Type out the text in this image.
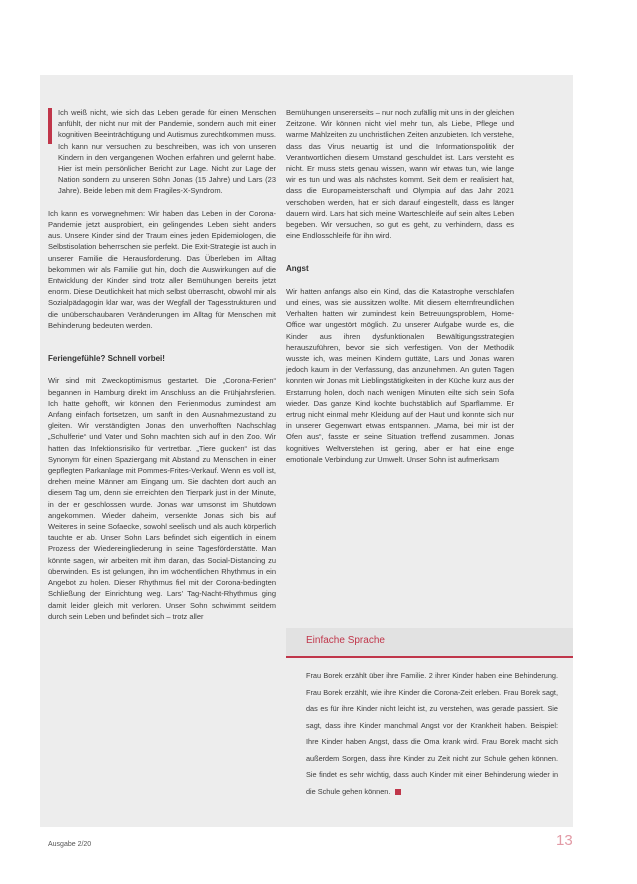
Ich weiß nicht, wie sich das Leben gerade für einen Menschen anfühlt, der nicht nur mit der Pandemie, sondern auch mit einer kognitiven Beeinträchtigung und Autismus zurechtkommen muss. Ich kann nur versuchen zu beschreiben, was ich von unseren Kindern in den vergangenen Wochen erfahren und gelernt habe. Hier ist mein persönlicher Bericht zur Lage. Nicht zur Lage der Nation sondern zu unseren Söhn Jonas (15 Jahre) und Lars (23 Jahre). Beide leben mit dem Fragiles-X-Syndrom.

Ich kann es vorwegnehmen: Wir haben das Leben in der Corona-Pandemie jetzt ausprobiert, ein gelingendes Leben sieht anders aus. Unsere Kinder sind der Traum eines jeden Epidemiologen, die Selbstisolation beherrschen sie perfekt. Die Exit-Strategie ist auch in unserer Familie die Herausforderung. Das Überleben im Alltag bekommen wir als Familie gut hin, doch die Auswirkungen auf die Entwicklung der Kinder sind trotz aller Bemühungen bereits jetzt enorm. Diese Deutlichkeit hat mich selbst überrascht, obwohl mir als Sozialpädagogin klar war, was der Wegfall der Tagesstrukturen und die unüberschaubaren Veränderungen im Alltag für Menschen mit Behinderung bedeuten werden.

Feriengefühle? Schnell vorbei!

Wir sind mit Zweckoptimismus gestartet. Die „Corona-Ferien“ begannen in Hamburg direkt im Anschluss an die Frühjahrsferien. Ich hatte gehofft, wir können den Ferienmodus zumindest am Anfang einfach fortsetzen, um sanft in den Ausnahmezustand zu gleiten. Wir verständigten Jonas den unverhofften Nachschlag „Schulferie“ und Vater und Sohn machten sich auf in den Zoo. Wir hatten das Infektionsrisiko für vertretbar. „Tiere gucken“ ist das Synonym für einen Spaziergang mit Abstand zu Menschen in einer gepflegten Parkanlage mit Pommes-Frites-Verkauf. Wenn es voll ist, drehen meine Männer am Eingang um. Sie dachten dort auch an diesem Tag um, denn sie erreichten den Tierpark just in der Minute, in der er geschlossen wurde. Jonas war umsonst im Shutdown angekommen. Wieder daheim, versenkte Jonas sich bis auf Weiteres in seine Sofaecke, sowohl seelisch und als auch körperlich tauchte er ab. Unser Sohn Lars befindet sich eigentlich in einem Prozess der Wiedereingliederung in seine Tagesförderstätte. Man könnte sagen, wir arbeiten mit ihm daran, das Social-Distancing zu überwinden. Es ist gelungen, ihn im wöchentlichen Rhythmus in ein Angebot zu holen. Dieser Rhythmus fiel mit der Corona-bedingten Schließung der Einrichtung weg. Lars’ Tag-Nacht-Rhythmus ging damit leider gleich mit verloren. Unser Sohn schwimmt seitdem durch sein Leben und befindet sich – trotz aller

Bemühungen unsererseits – nur noch zufällig mit uns in der gleichen Zeitzone. Wir können nicht viel mehr tun, als Liebe, Pflege und warme Mahlzeiten zu unchristlichen Zeiten anzubieten. Ich verstehe, dass das Virus neuartig ist und die Informationspolitik der Verantwortlichen diesem Umstand geschuldet ist. Lars versteht es nicht. Er muss stets genau wissen, wann wir etwas tun, wie lange wir es tun und was als nächstes kommt. Seit dem er realisiert hat, dass die Europameisterschaft und Olympia auf das Jahr 2021 verschoben werden, hat er sich darauf eingestellt, dass es länger dauern wird. Lars hat sich meine Warteschleife auf sein altes Leben begeben. Wir versuchen, so gut es geht, zu verhindern, dass es eine Endlosschleife für ihn wird.

Angst

Wir hatten anfangs also ein Kind, das die Katastrophe verschlafen und eines, was sie aussitzen wollte. Mit diesem elternfreundlichen Verhalten hatten wir zumindest kein Betreuungsproblem, Home-Office war ungestört möglich. Zu unserer Aufgabe wurde es, die Kinder aus ihren dysfunktionalen Bewältigungsstrategien herauszuführen, bevor sie sich verfestigen. Von der Methodik wusste ich, was meinen Kindern guttäte, Lars und Jonas waren jedoch kaum in der Verfassung, das anzunehmen. An guten Tagen konnten wir Jonas mit Lieblingstätigkeiten in der Küche kurz aus der Erstarrung holen, doch nach wenigen Minuten eilte sich sein Sofa wieder. Das ganze Kind kochte buchstäblich auf Sparflamme. Er ertrug nicht einmal mehr Kleidung auf der Haut und konnte sich nur in unserer Gegenwart etwas entspannen. „Mama, bei mir ist der Ofen aus“, fasste er seine Situation treffend zusammen. Jonas kognitives Weltverstehen ist gering, aber er hat eine enge emotionale Verbindung zur Umwelt. Unser Sohn ist aufmerksam

Einfache Sprache
Frau Borek erzählt über ihre Familie. 2 ihrer Kinder haben eine Behinderung. Frau Borek erzählt, wie ihre Kinder die Corona-Zeit erleben. Frau Borek sagt, das es für ihre Kinder nicht leicht ist, zu verstehen, was gerade passiert. Sie sagt, dass ihre Kinder manchmal Angst vor der Krankheit haben. Beispiel: Ihre Kinder haben Angst, dass die Oma krank wird. Frau Borek macht sich außerdem Sorgen, dass ihre Kinder zu Zeit nicht zur Schule gehen können. Sie findet es sehr wichtig, dass auch Kinder mit einer Behinderung wieder in die Schule gehen können.
Ausgabe 2/20	13
